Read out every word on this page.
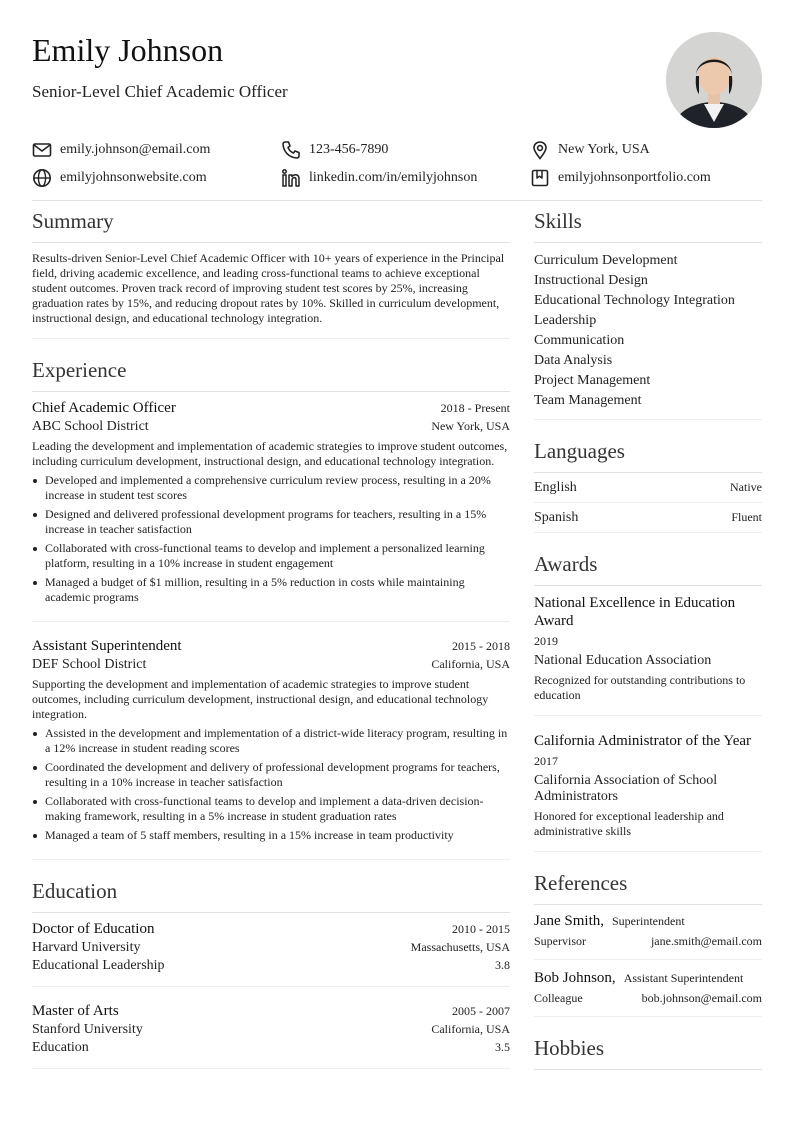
Emily Johnson
Senior-Level Chief Academic Officer
emily.johnson@email.com	123-456-7890	New York, USA
emilyjohnsonwebsite.com	linkedin.com/in/emilyjohnson	emilyjohnsonportfolio.com
Summary
Results-driven Senior-Level Chief Academic Officer with 10+ years of experience in the Principal field, driving academic excellence, and leading cross-functional teams to achieve exceptional student outcomes. Proven track record of improving student test scores by 25%, increasing graduation rates by 15%, and reducing dropout rates by 10%. Skilled in curriculum development, instructional design, and educational technology integration.
Experience
Chief Academic Officer	2018 - Present
ABC School District	New York, USA
Leading the development and implementation of academic strategies to improve student outcomes, including curriculum development, instructional design, and educational technology integration.
Developed and implemented a comprehensive curriculum review process, resulting in a 20% increase in student test scores
Designed and delivered professional development programs for teachers, resulting in a 15% increase in teacher satisfaction
Collaborated with cross-functional teams to develop and implement a personalized learning platform, resulting in a 10% increase in student engagement
Managed a budget of $1 million, resulting in a 5% reduction in costs while maintaining academic programs
Assistant Superintendent	2015 - 2018
DEF School District	California, USA
Supporting the development and implementation of academic strategies to improve student outcomes, including curriculum development, instructional design, and educational technology integration.
Assisted in the development and implementation of a district-wide literacy program, resulting in a 12% increase in student reading scores
Coordinated the development and delivery of professional development programs for teachers, resulting in a 10% increase in teacher satisfaction
Collaborated with cross-functional teams to develop and implement a data-driven decision-making framework, resulting in a 5% increase in student graduation rates
Managed a team of 5 staff members, resulting in a 15% increase in team productivity
Education
Doctor of Education	2010 - 2015
Harvard University	Massachusetts, USA
Educational Leadership	3.8
Master of Arts	2005 - 2007
Stanford University	California, USA
Education	3.5
Skills
Curriculum Development
Instructional Design
Educational Technology Integration
Leadership
Communication
Data Analysis
Project Management
Team Management
Languages
English	Native
Spanish	Fluent
Awards
National Excellence in Education Award
2019
National Education Association
Recognized for outstanding contributions to education
California Administrator of the Year
2017
California Association of School Administrators
Honored for exceptional leadership and administrative skills
References
Jane Smith, Superintendent
Supervisor	jane.smith@email.com
Bob Johnson, Assistant Superintendent
Colleague	bob.johnson@email.com
Hobbies
